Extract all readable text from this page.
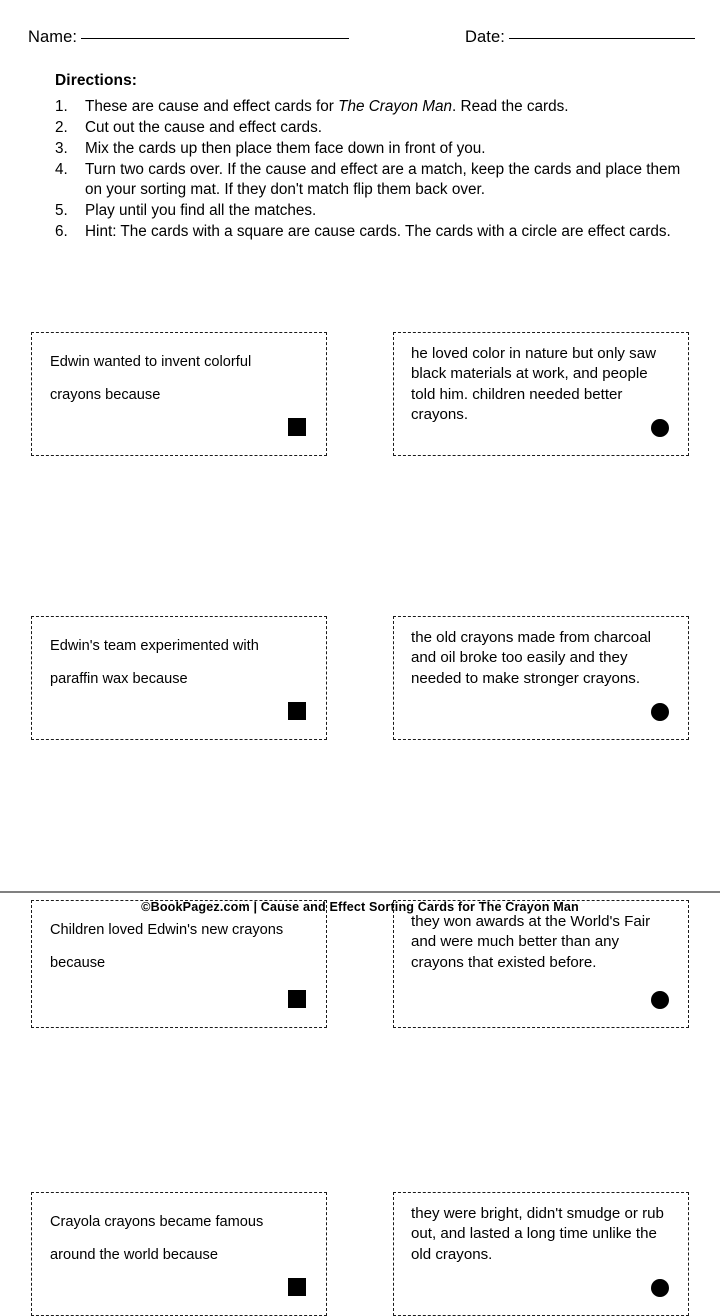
Name:	Date:
Directions:
1.	These are cause and effect cards for The Crayon Man. Read the cards.
2.	Cut out the cause and effect cards.
3.	Mix the cards up then place them face down in front of you.
4.	Turn two cards over. If the cause and effect are a match, keep the cards and place them on your sorting mat. If they don't match flip them back over.
5.	Play until you find all the matches.
6.	Hint: The cards with a square are cause cards. The cards with a circle are effect cards.
Edwin wanted to invent colorful crayons because
he loved color in nature but only saw black materials at work, and people told him. children needed better crayons.
Edwin's team experimented with paraffin wax because
the old crayons made from charcoal and oil broke too easily and they needed to make stronger crayons.
Children loved Edwin's new crayons because
they won awards at the World's Fair and were much better than any crayons that existed before.
Crayola crayons became famous around the world because
they were bright, didn't smudge or rub out, and lasted a long time unlike the old crayons.
©BookPagez.com | Cause and Effect Sorting Cards for The Crayon Man
